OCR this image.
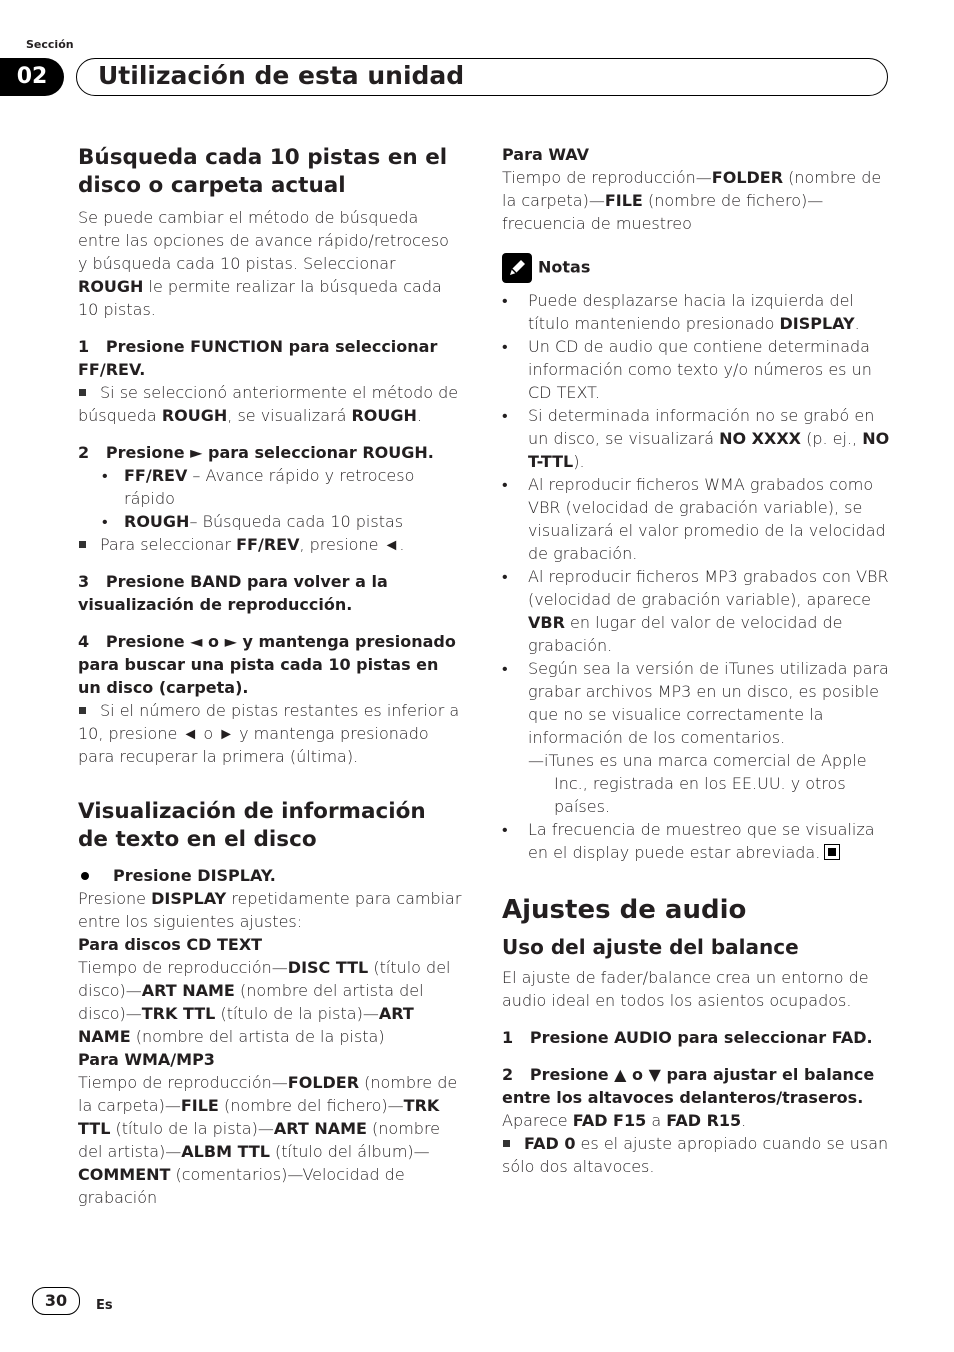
Sección
02	Utilización de esta unidad
Búsqueda cada 10 pistas en el disco o carpeta actual
Se puede cambiar el método de búsqueda entre las opciones de avance rápido/retroceso y búsqueda cada 10 pistas. Seleccionar ROUGH le permite realizar la búsqueda cada 10 pistas.
1   Presione FUNCTION para seleccionar FF/REV.
Si se seleccionó anteriormente el método de búsqueda ROUGH, se visualizará ROUGH.
2   Presione ► para seleccionar ROUGH.
• FF/REV – Avance rápido y retroceso rápido
• ROUGH– Búsqueda cada 10 pistas
Para seleccionar FF/REV, presione ◄.
3   Presione BAND para volver a la visualización de reproducción.
4   Presione ◄ o ► y mantenga presionado para buscar una pista cada 10 pistas en un disco (carpeta).
Si el número de pistas restantes es inferior a 10, presione ◄ o ► y mantenga presionado para recuperar la primera (última).
Visualización de información de texto en el disco
Presione DISPLAY.
Presione DISPLAY repetidamente para cambiar entre los siguientes ajustes:
Para discos CD TEXT
Tiempo de reproducción—DISC TTL (título del disco)—ART NAME (nombre del artista del disco)—TRK TTL (título de la pista)—ART NAME (nombre del artista de la pista)
Para WMA/MP3
Tiempo de reproducción—FOLDER (nombre de la carpeta)—FILE (nombre del fichero)—TRK TTL (título de la pista)—ART NAME (nombre del artista)—ALBM TTL (título del álbum)—COMMENT (comentarios)—Velocidad de grabación
Para WAV
Tiempo de reproducción—FOLDER (nombre de la carpeta)—FILE (nombre de fichero)—frecuencia de muestreo
Notas
• Puede desplazarse hacia la izquierda del título manteniendo presionado DISPLAY.
• Un CD de audio que contiene determinada información como texto y/o números es un CD TEXT.
• Si determinada información no se grabó en un disco, se visualizará NO XXXX (p. ej., NO T-TTL).
• Al reproducir ficheros WMA grabados como VBR (velocidad de grabación variable), se visualizará el valor promedio de la velocidad de grabación.
• Al reproducir ficheros MP3 grabados con VBR (velocidad de grabación variable), aparece VBR en lugar del valor de velocidad de grabación.
• Según sea la versión de iTunes utilizada para grabar archivos MP3 en un disco, es posible que no se visualice correctamente la información de los comentarios.
—iTunes es una marca comercial de Apple Inc., registrada en los EE.UU. y otros países.
• La frecuencia de muestreo que se visualiza en el display puede estar abreviada.
Ajustes de audio
Uso del ajuste del balance
El ajuste de fader/balance crea un entorno de audio ideal en todos los asientos ocupados.
1   Presione AUDIO para seleccionar FAD.
2   Presione ▲ o ▼ para ajustar el balance entre los altavoces delanteros/traseros.
Aparece FAD F15 a FAD R15.
FAD 0 es el ajuste apropiado cuando se usan sólo dos altavoces.
30	Es
